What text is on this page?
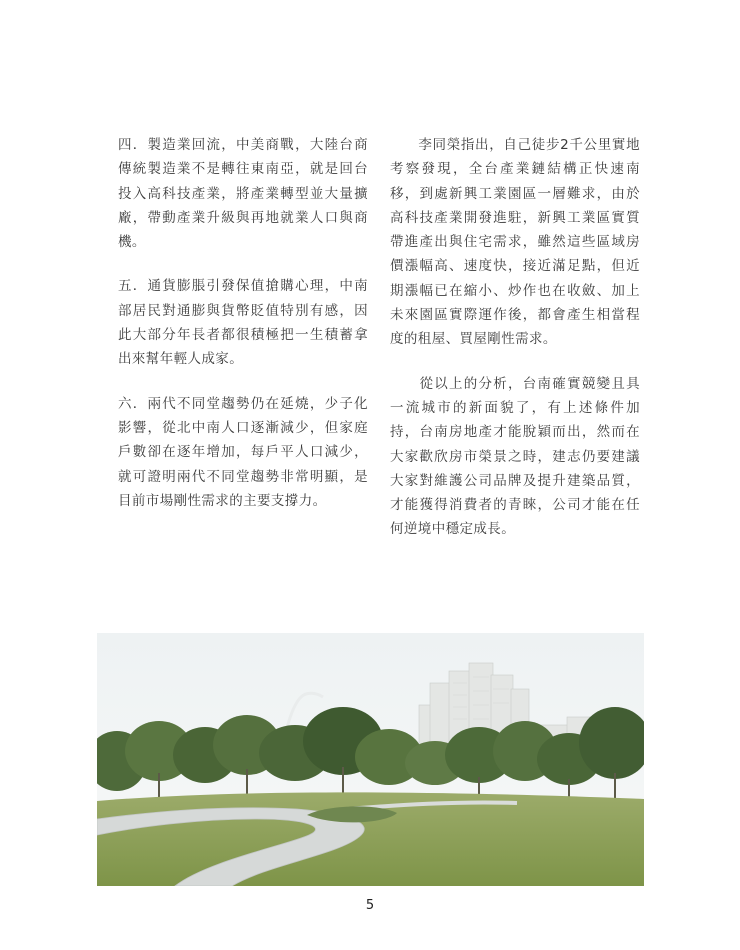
四．製造業回流，中美商戰，大陸台商傳統製造業不是轉往東南亞，就是回台投入高科技產業，將產業轉型並大量擴廠，帶動產業升級與再地就業人口與商機。

五．通貨膨脹引發保值搶購心理，中南部居民對通膨與貨幣貶值特別有感，因此大部分年長者都很積極把一生積蓄拿出來幫年輕人成家。

六．兩代不同堂趨勢仍在延燒，少子化影響，從北中南人口逐漸減少，但家庭戶數卻在逐年增加，每戶平人口減少，就可證明兩代不同堂趨勢非常明顯，是目前市場剛性需求的主要支撐力。

　　李同榮指出，自己徒步2千公里實地考察發現，全台產業鏈結構正快速南移，到處新興工業園區一層難求，由於高科技產業開發進駐，新興工業區實質帶進產出與住宅需求，雖然這些區域房價漲幅高、速度快，接近滿足點，但近期漲幅已在縮小、炒作也在收斂、加上未來園區實際運作後，都會產生相當程度的租屋、買屋剛性需求。

　　從以上的分析，台南確實競變且具一流城市的新面貌了，有上述條件加持，台南房地產才能脫穎而出，然而在大家歡欣房市榮景之時，建志仍要建議大家對維護公司品牌及提升建築品質，才能獲得消費者的青睞，公司才能在任何逆境中穩定成長。

5
